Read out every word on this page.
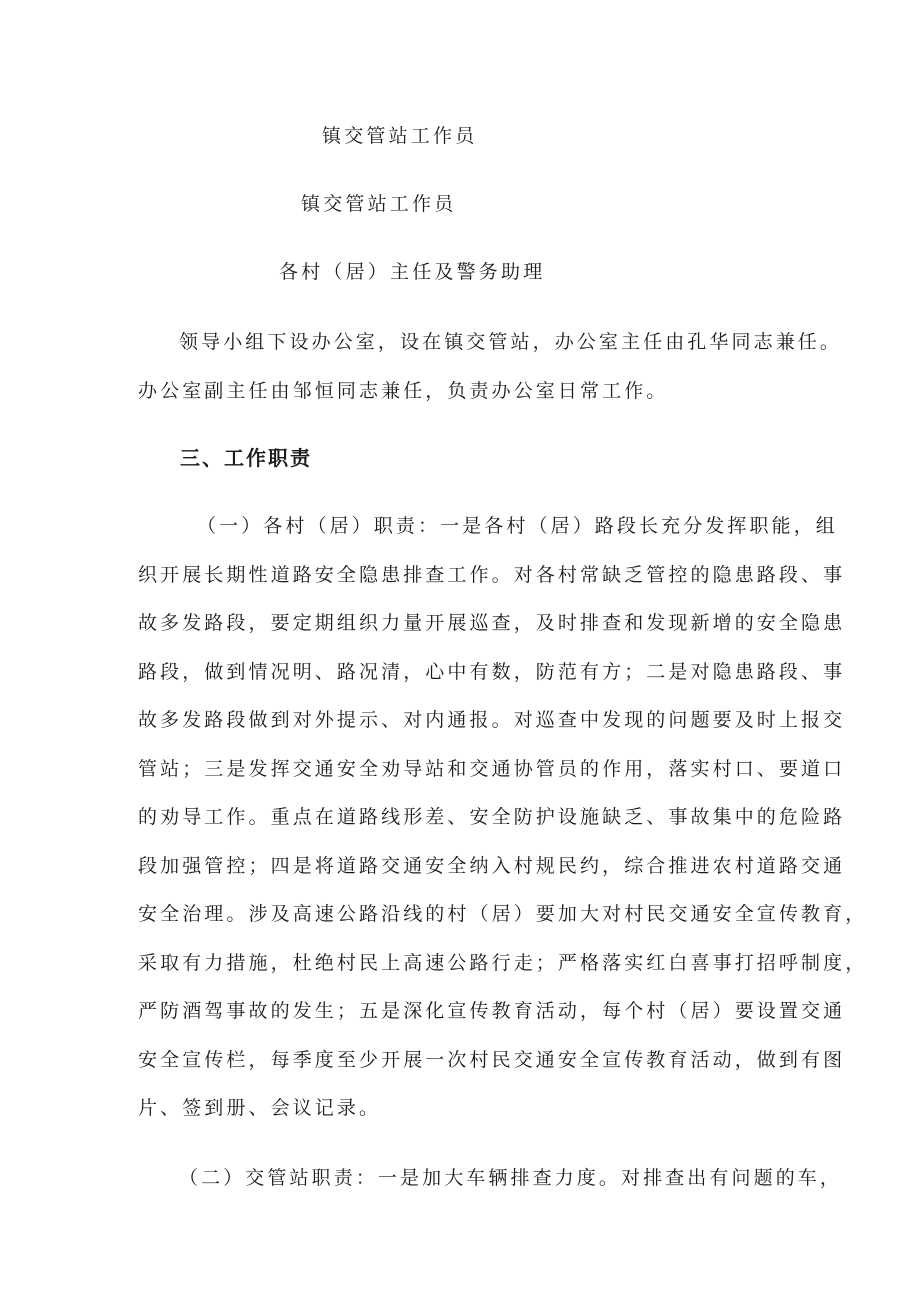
镇交管站工作员
镇交管站工作员
各村（居）主任及警务助理
领导小组下设办公室，设在镇交管站，办公室主任由孔华同志兼任。
办公室副主任由邹恒同志兼任，负责办公室日常工作。
三、工作职责
（一）各村（居）职责：一是各村（居）路段长充分发挥职能，组
织开展长期性道路安全隐患排查工作。对各村常缺乏管控的隐患路段、事
故多发路段，要定期组织力量开展巡查，及时排查和发现新增的安全隐患
路段，做到情况明、路况清，心中有数，防范有方；二是对隐患路段、事
故多发路段做到对外提示、对内通报。对巡查中发现的问题要及时上报交
管站；三是发挥交通安全劝导站和交通协管员的作用，落实村口、要道口
的劝导工作。重点在道路线形差、安全防护设施缺乏、事故集中的危险路
段加强管控；四是将道路交通安全纳入村规民约，综合推进农村道路交通
安全治理。涉及高速公路沿线的村（居）要加大对村民交通安全宣传教育，
采取有力措施，杜绝村民上高速公路行走；严格落实红白喜事打招呼制度，
严防酒驾事故的发生；五是深化宣传教育活动，每个村（居）要设置交通
安全宣传栏，每季度至少开展一次村民交通安全宣传教育活动，做到有图
片、签到册、会议记录。
（二）交管站职责：一是加大车辆排查力度。对排查出有问题的车，
